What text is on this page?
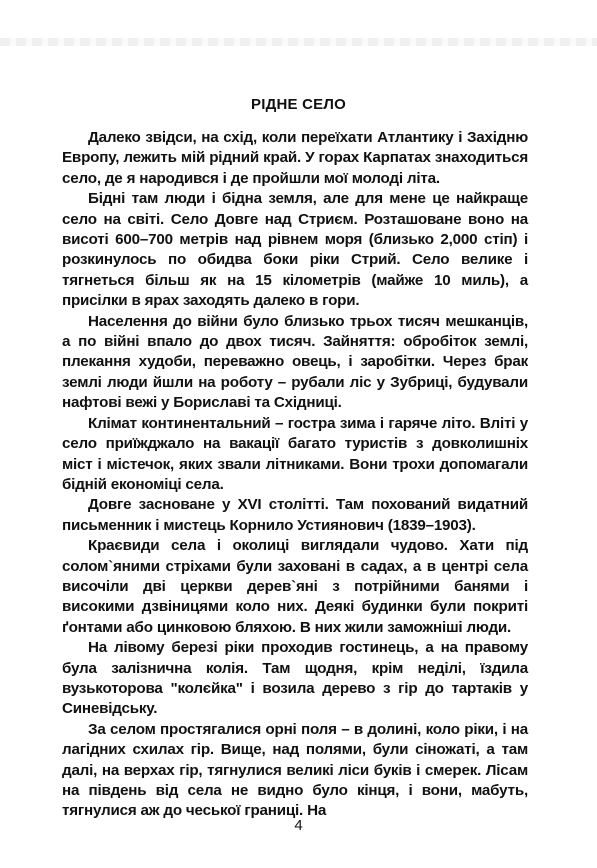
РІДНЕ СЕЛО

Далеко звідси, на схід, коли переїхати Атлантику і Західню Европу, лежить мій рідний край. У горах Карпатах знаходиться село, де я народився і де пройшли мої молоді літа.

Бідні там люди і бідна земля, але для мене це найкраще село на світі. Село Довге над Стриєм. Розташоване воно на висоті 600–700 метрів над рівнем моря (близько 2,000 стіп) і розкинулось по обидва боки ріки Стрий. Село велике і тягнеться більш як на 15 кілометрів (майже 10 миль), а присілки в ярах заходять далеко в гори.

Населення до війни було близько трьох тисяч мешканців, а по війні впало до двох тисяч. Зайняття: обробіток землі, плекання худоби, переважно овець, і заробітки. Через брак землі люди йшли на роботу – рубали ліс у Зубриці, будували нафтові вежі у Бориславі та Східниці.

Клімат континентальний – гостра зима і гаряче літо. Вліті у село приїжджало на вакації багато туристів з довколишніх міст і містечок, яких звали літниками. Вони трохи допомагали бідній економіці села.

Довге засноване у XVI столітті. Там похований видатний письменник і мистець Корнило Устиянович (1839–1903).

Краєвиди села і околиці виглядали чудово. Хати під солом`яними стріхами були заховані в садах, а в центрі села височіли дві церкви дерев`яні з потрійними банями і високими дзвіницями коло них. Деякі будинки були покриті ґонтами або цинковою бляхою. В них жили заможніші люди.

На лівому березі ріки проходив гостинець, а на правому була залізнична колія. Там щодня, крім неділі, їздила вузькоторова "колєйка" і возила дерево з гір до тартаків у Синевідську.

За селом простягалися орні поля – в долині, коло ріки, і на лагідних схилах гір. Вище, над полями, були сіножаті, а там далі, на верхах гір, тягнулися великі ліси буків і смерек. Лісам на південь від села не видно було кінця, і вони, мабуть, тягнулися аж до чеської границі. На

4
